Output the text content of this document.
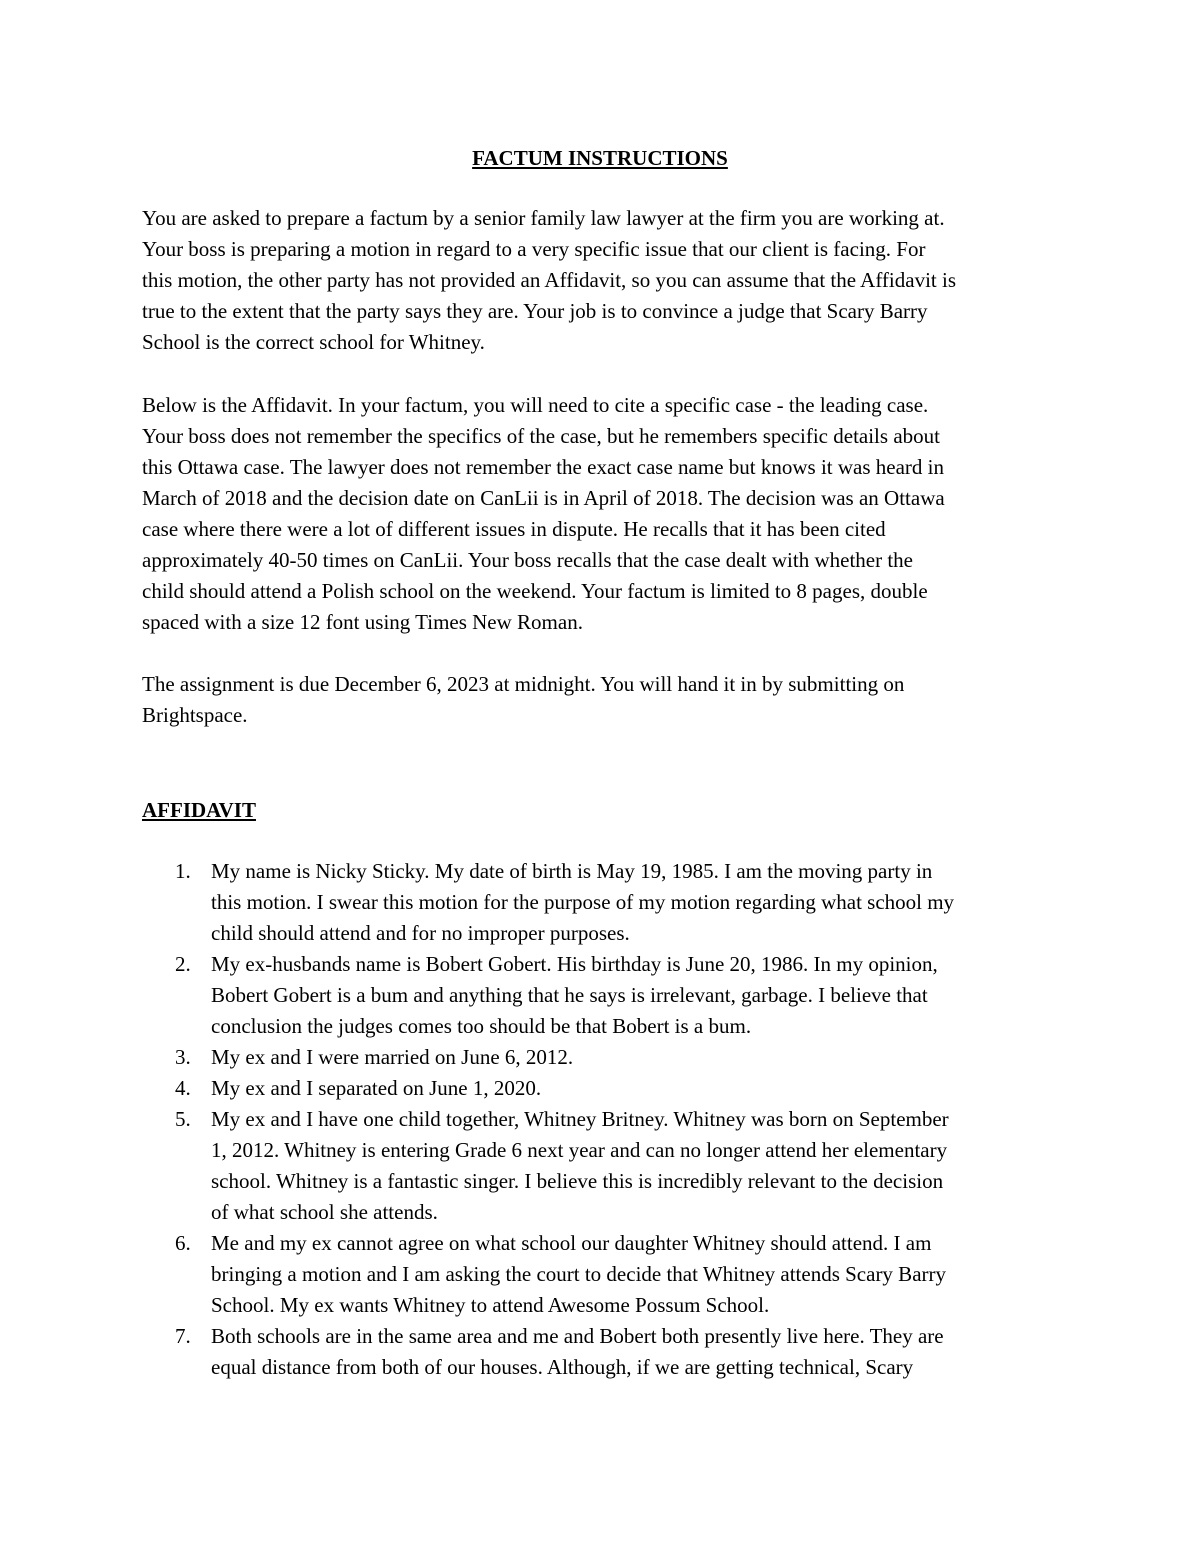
FACTUM INSTRUCTIONS
You are asked to prepare a factum by a senior family law lawyer at the firm you are working at.
Your boss is preparing a motion in regard to a very specific issue that our client is facing. For
this motion, the other party has not provided an Affidavit, so you can assume that the Affidavit is
true to the extent that the party says they are. Your job is to convince a judge that Scary Barry
School is the correct school for Whitney.
Below is the Affidavit. In your factum, you will need to cite a specific case - the leading case.
Your boss does not remember the specifics of the case, but he remembers specific details about
this Ottawa case. The lawyer does not remember the exact case name but knows it was heard in
March of 2018 and the decision date on CanLii is in April of 2018. The decision was an Ottawa
case where there were a lot of different issues in dispute. He recalls that it has been cited
approximately 40-50 times on CanLii. Your boss recalls that the case dealt with whether the
child should attend a Polish school on the weekend. Your factum is limited to 8 pages, double
spaced with a size 12 font using Times New Roman.
The assignment is due December 6, 2023 at midnight. You will hand it in by submitting on
Brightspace.
AFFIDAVIT
1. My name is Nicky Sticky. My date of birth is May 19, 1985. I am the moving party in
this motion. I swear this motion for the purpose of my motion regarding what school my
child should attend and for no improper purposes.
2. My ex-husbands name is Bobert Gobert. His birthday is June 20, 1986. In my opinion,
Bobert Gobert is a bum and anything that he says is irrelevant, garbage. I believe that
conclusion the judges comes too should be that Bobert is a bum.
3. My ex and I were married on June 6, 2012.
4. My ex and I separated on June 1, 2020.
5. My ex and I have one child together, Whitney Britney. Whitney was born on September
1, 2012. Whitney is entering Grade 6 next year and can no longer attend her elementary
school. Whitney is a fantastic singer. I believe this is incredibly relevant to the decision
of what school she attends.
6. Me and my ex cannot agree on what school our daughter Whitney should attend. I am
bringing a motion and I am asking the court to decide that Whitney attends Scary Barry
School. My ex wants Whitney to attend Awesome Possum School.
7. Both schools are in the same area and me and Bobert both presently live here. They are
equal distance from both of our houses. Although, if we are getting technical, Scary
